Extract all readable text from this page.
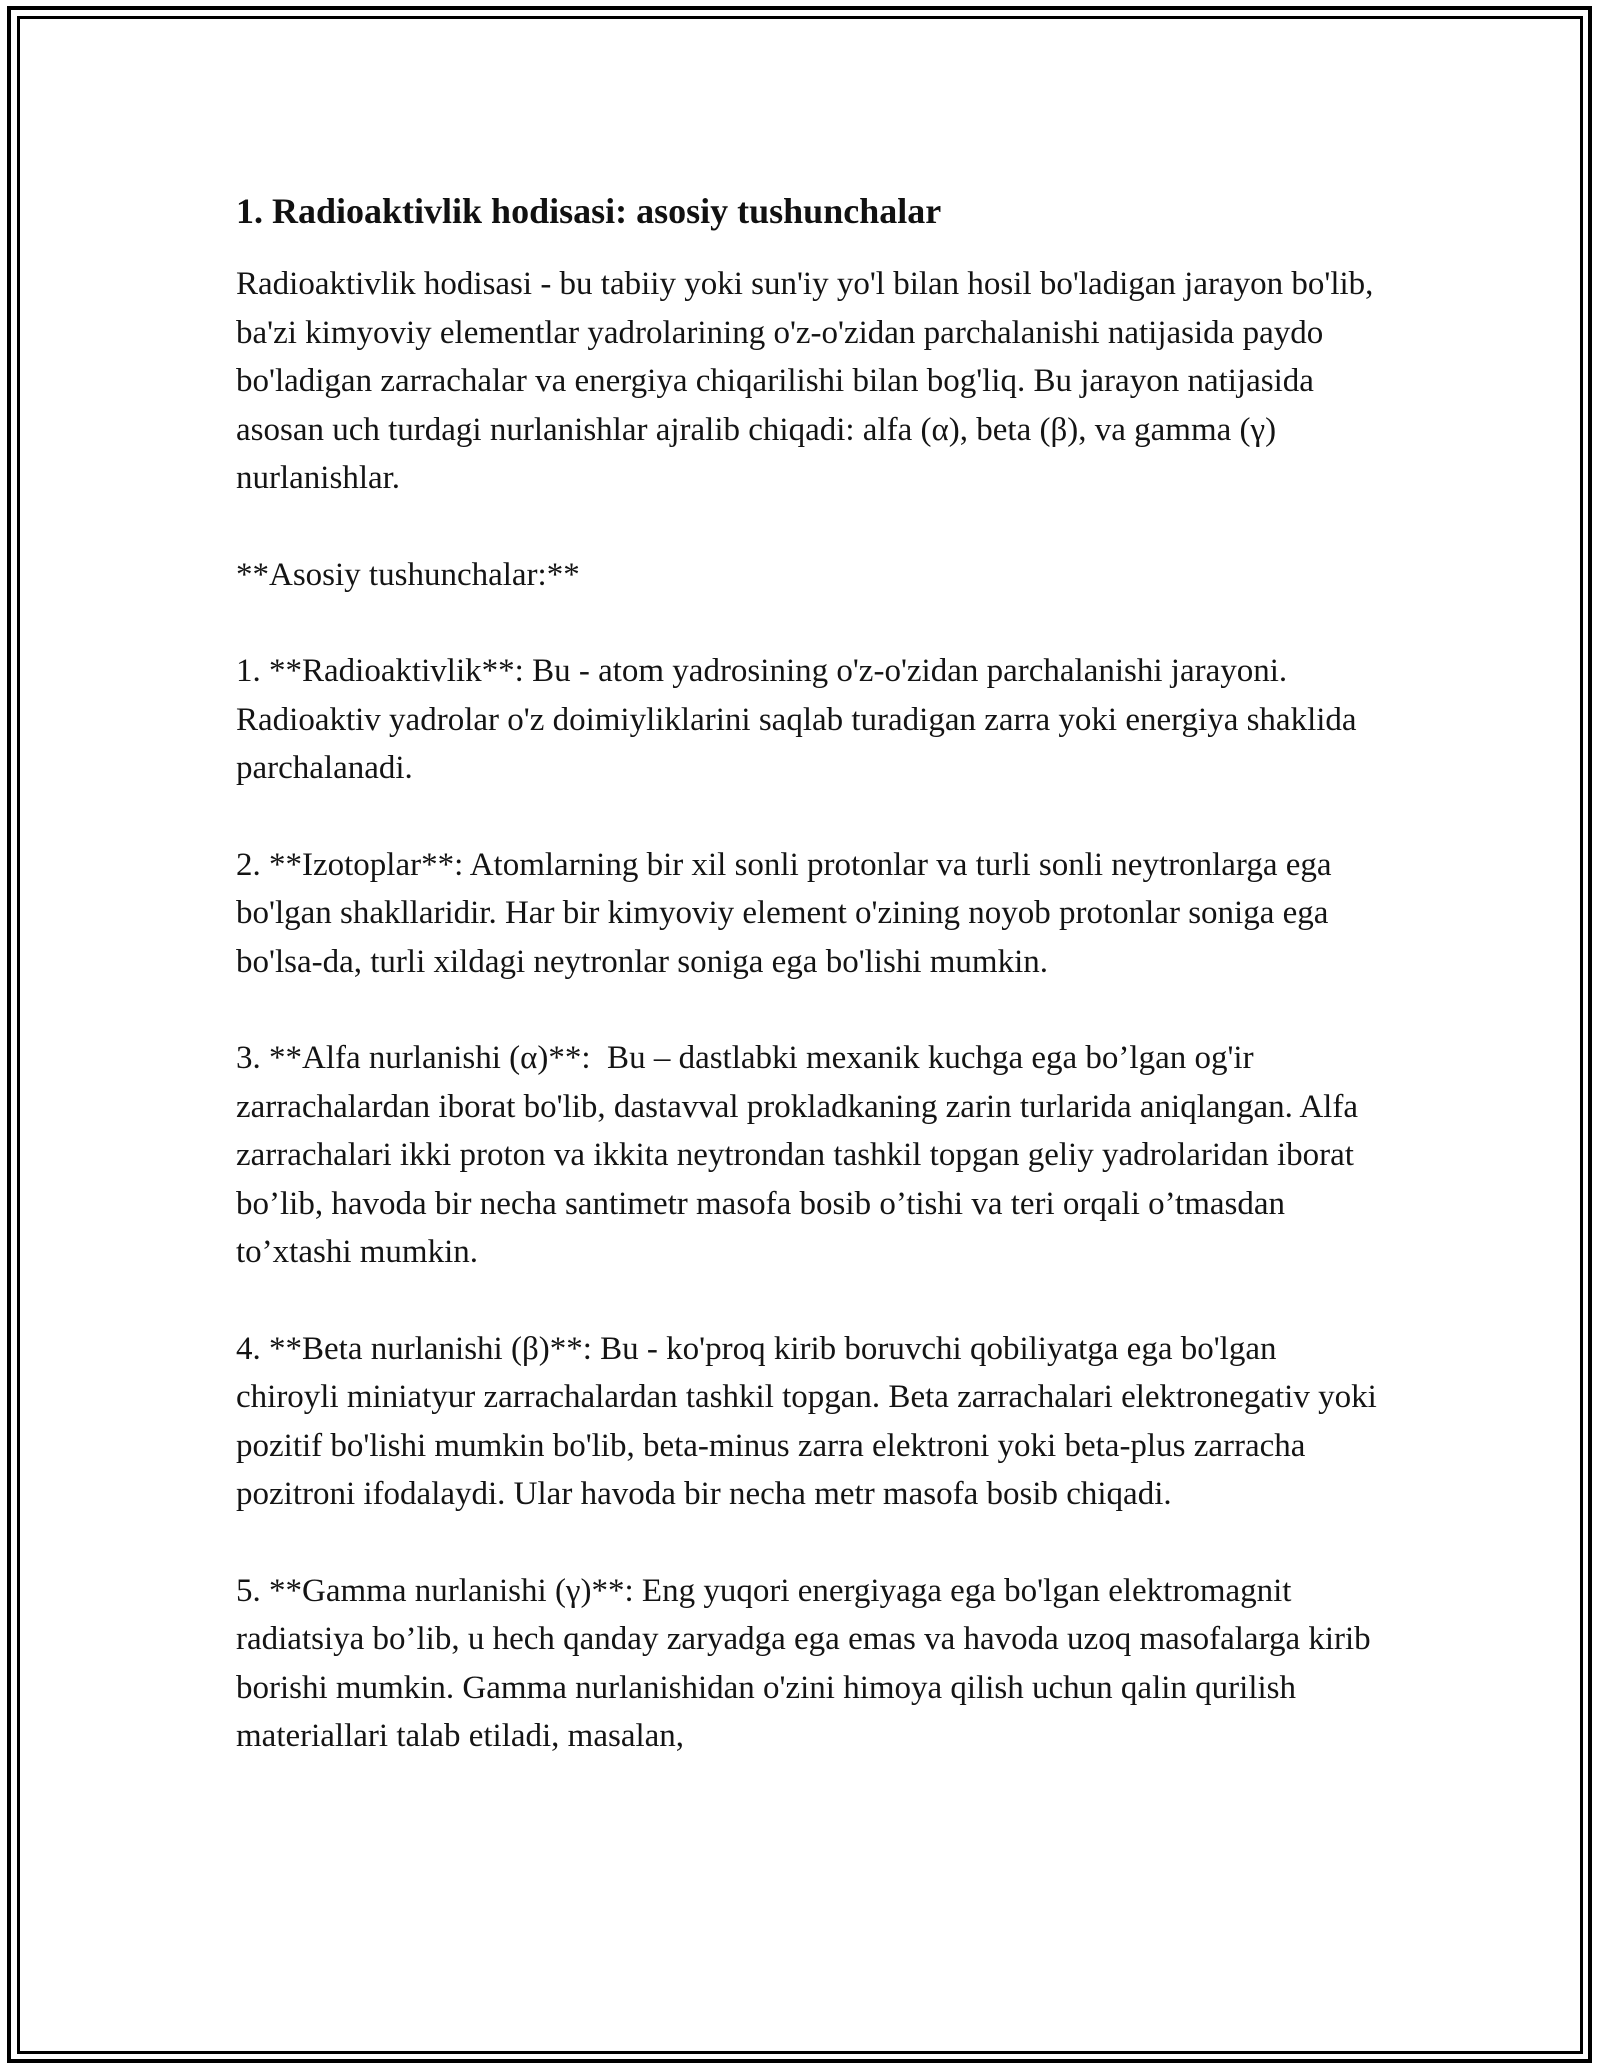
1. Radioaktivlik hodisasi: asosiy tushunchalar

Radioaktivlik hodisasi - bu tabiiy yoki sun'iy yo'l bilan hosil bo'ladigan jarayon bo'lib, ba'zi kimyoviy elementlar yadrolarining o'z-o'zidan parchalanishi natijasida paydo bo'ladigan zarrachalar va energiya chiqarilishi bilan bog'liq. Bu jarayon natijasida asosan uch turdagi nurlanishlar ajralib chiqadi: alfa (α), beta (β), va gamma (γ) nurlanishlar.

**Asosiy tushunchalar:**

1. **Radioaktivlik**: Bu - atom yadrosining o'z-o'zidan parchalanishi jarayoni. Radioaktiv yadrolar o'z doimiyliklarini saqlab turadigan zarra yoki energiya shaklida parchalanadi.

2. **Izotoplar**: Atomlarning bir xil sonli protonlar va turli sonli neytronlarga ega bo'lgan shakllaridir. Har bir kimyoviy element o'zining noyob protonlar soniga ega bo'lsa-da, turli xildagi neytronlar soniga ega bo'lishi mumkin.

3. **Alfa nurlanishi (α)**:  Bu – dastlabki mexanik kuchga ega bo’lgan og'ir zarrachalardan iborat bo'lib, dastavval prokladkaning zarin turlarida aniqlangan. Alfa zarrachalari ikki proton va ikkita neytrondan tashkil topgan geliy yadrolaridan iborat bo’lib, havoda bir necha santimetr masofa bosib o’tishi va teri orqali o’tmasdan to’xtashi mumkin.

4. **Beta nurlanishi (β)**: Bu - ko'proq kirib boruvchi qobiliyatga ega bo'lgan chiroyli miniatyur zarrachalardan tashkil topgan. Beta zarrachalari elektronegativ yoki pozitif bo'lishi mumkin bo'lib, beta-minus zarra elektroni yoki beta-plus zarracha pozitroni ifodalaydi. Ular havoda bir necha metr masofa bosib chiqadi.

5. **Gamma nurlanishi (γ)**: Eng yuqori energiyaga ega bo'lgan elektromagnit radiatsiya bo’lib, u hech qanday zaryadga ega emas va havoda uzoq masofalarga kirib borishi mumkin. Gamma nurlanishidan o'zini himoya qilish uchun qalin qurilish materiallari talab etiladi, masalan,
